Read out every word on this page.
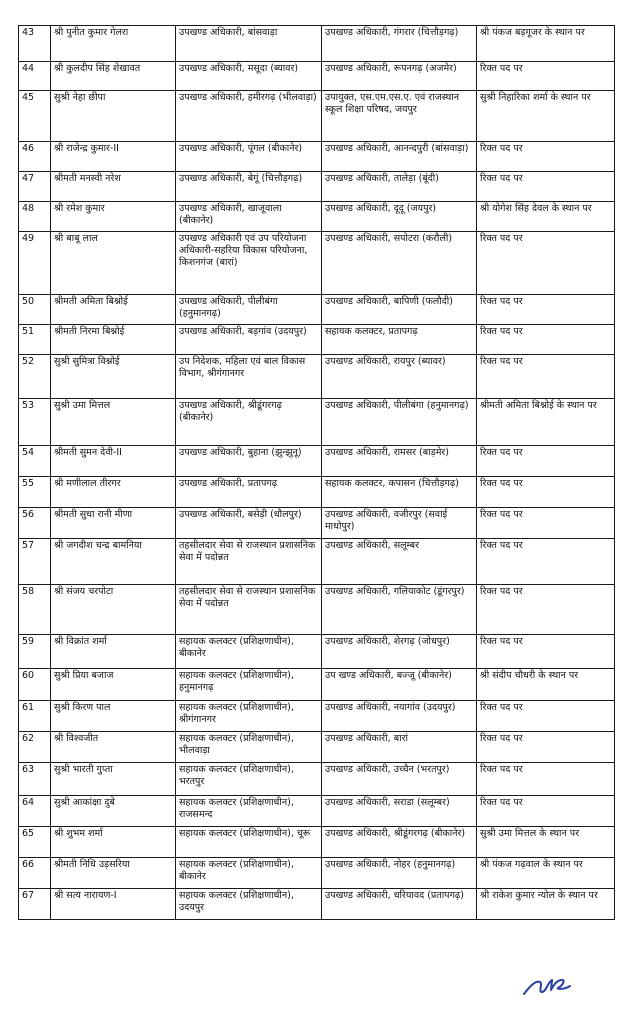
43	श्री पुनीत कुमार गेलरा	उपखण्ड अधिकारी, बांसवाड़ा	उपखण्ड अधिकारी, गंगरार (चित्तौड़गढ़)	श्री पंकज बड़गूजर के स्थान पर
44	श्री कुलदीप सिंह शेखावत	उपखण्ड अधिकारी, मसूदा (ब्यावर)	उपखण्ड अधिकारी, रूपनगढ़ (अजमेर)	रिक्त पद पर
45	सुश्री नेहा छीपा	उपखण्ड अधिकारी, हमीरगढ़ (भीलवाड़ा)	उपायुक्त, एस.एम.एस.ए. एवं राजस्थान स्कूल शिक्षा परिषद, जयपुर	सुश्री निहारिका शर्मा के स्थान पर
46	श्री राजेन्द्र कुमार-II	उपखण्ड अधिकारी, पूंगल (बीकानेर)	उपखण्ड अधिकारी, आनन्दपुरी (बांसवाड़ा)	रिक्त पद पर
47	श्रीमती मनस्वी नरेश	उपखण्ड अधिकारी, बेगूं (चित्तौड़गढ़)	उपखण्ड अधिकारी, तालेड़ा (बूंदी)	रिक्त पद पर
48	श्री रमेश कुमार	उपखण्ड अधिकारी, खाजूवाला (बीकानेर)	उपखण्ड अधिकारी, दूदू (जयपुर)	श्री योगेश सिंह देवल के स्थान पर
49	श्री बाबू लाल	उपखण्ड अधिकारी एवं उप परियोजना अधिकारी-सहरिया विकास परियोजना, किशनगंज (बारां)	उपखण्ड अधिकारी, सपोटरा (करौली)	रिक्त पद पर
50	श्रीमती अमिता बिश्नोई	उपखण्ड अधिकारी, पीलीबंगा (हनुमानगढ़)	उपखण्ड अधिकारी, बापिणी (फलौदी)	रिक्त पद पर
51	श्रीमती निरमा बिश्नोई	उपखण्ड अधिकारी, बड़गांव (उदयपुर)	सहायक कलक्टर, प्रतापगढ़	रिक्त पद पर
52	सुश्री सुमित्रा विश्नोई	उप निदेशक, महिला एवं बाल विकास विभाग, श्रीगंगानगर	उपखण्ड अधिकारी, रायपुर (ब्यावर)	रिक्त पद पर
53	सुश्री उमा मित्तल	उपखण्ड अधिकारी, श्रीडूंगरगढ़ (बीकानेर)	उपखण्ड अधिकारी, पीलीबंगा (हनुमानगढ़)	श्रीमती अमिता बिश्नोई के स्थान पर
54	श्रीमती सुमन देवी-II	उपखण्ड अधिकारी, बुहाना (झुन्झुनू)	उपखण्ड अधिकारी, रामसर (बाड़मेर)	रिक्त पद पर
55	श्री मणीलाल तीरगर	उपखण्ड अधिकारी, प्रतापगढ़	सहायक कलक्टर, कपासन (चित्तौड़गढ़)	रिक्त पद पर
56	श्रीमती सुधा रानी मीणा	उपखण्ड अधिकारी, बसेड़ी (धौलपुर)	उपखण्ड अधिकारी, वजीरपुर (सवाई माधोपुर)	रिक्त पद पर
57	श्री जगदीश चन्द्र बामनिया	तहसीलदार सेवा से राजस्थान प्रशासनिक सेवा में पदोन्नत	उपखण्ड अधिकारी, सलूम्बर	रिक्त पद पर
58	श्री संजय चरपोटा	तहसीलदार सेवा से राजस्थान प्रशासनिक सेवा में पदोन्नत	उपखण्ड अधिकारी, गलियाकोट (डूंगरपुर)	रिक्त पद पर
59	श्री विक्रांत शर्मा	सहायक कलक्टर (प्रशिक्षणाधीन), बीकानेर	उपखण्ड अधिकारी, शेरगढ़ (जोधपुर)	रिक्त पद पर
60	सुश्री प्रिया बजाज	सहायक कलक्टर (प्रशिक्षणाधीन), हनुमानगढ़	उप खण्ड अधिकारी, बज्जू (बीकानेर)	श्री संदीप चौधरी के स्थान पर
61	सुश्री किरण पाल	सहायक कलक्टर (प्रशिक्षणाधीन), श्रीगंगानगर	उपखण्ड अधिकारी, नयागांव (उदयपुर)	रिक्त पद पर
62	श्री विश्वजीत	सहायक कलक्टर (प्रशिक्षणाधीन), भीलवाड़ा	उपखण्ड अधिकारी, बारां	रिक्त पद पर
63	सुश्री भारती गुप्ता	सहायक कलक्टर (प्रशिक्षणाधीन), भरतपुर	उपखण्ड अधिकारी, उच्चैन (भरतपुर)	रिक्त पद पर
64	सुश्री आकांक्षा दुबे	सहायक कलक्टर (प्रशिक्षणाधीन), राजसमन्द	उपखण्ड अधिकारी, सराडा (सलूम्बर)	रिक्त पद पर
65	श्री शुभम शर्मा	सहायक कलक्टर (प्रशिक्षणाधीन), चूरू	उपखण्ड अधिकारी, श्रीडूंगरगढ़ (बीकानेर)	सुश्री उमा मित्तल के स्थान पर
66	श्रीमती निधि उड़सरिया	सहायक कलक्टर (प्रशिक्षणाधीन), बीकानेर	उपखण्ड अधिकारी, नोहर (हनुमानगढ़)	श्री पंकज गढ़वाल के स्थान पर
67	श्री सत्य नारायण-I	सहायक कलक्टर (प्रशिक्षणाधीन), उदयपुर	उपखण्ड अधिकारी, धरियावद (प्रतापगढ़)	श्री राकेश कुमार न्योल के स्थान पर
